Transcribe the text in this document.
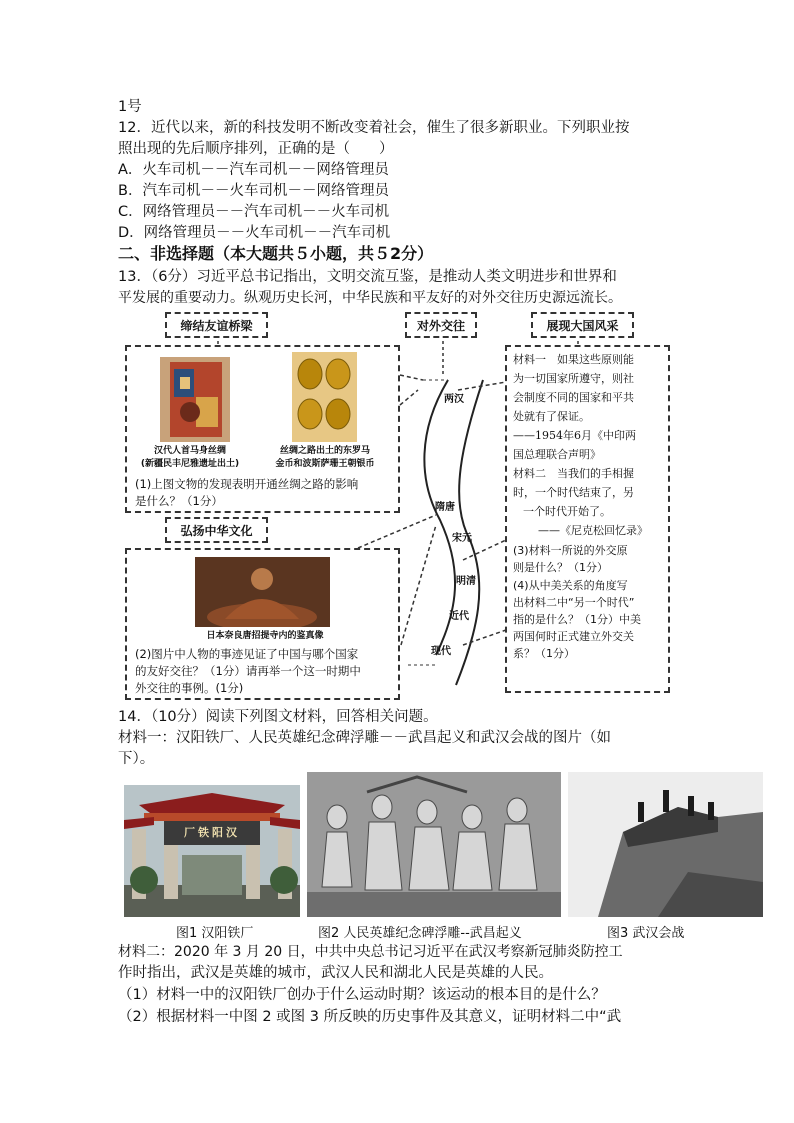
1号
12．近代以来，新的科技发明不断改变着社会，催生了很多新职业。下列职业按
照出现的先后顺序排列，正确的是（　　）
A．火车司机－－汽车司机－－网络管理员
B．汽车司机－－火车司机－－网络管理员
C．网络管理员－－汽车司机－－火车司机
D．网络管理员－－火车司机－－汽车司机
二、非选择题（本大题共５小题，共５2分）
13．（6分）习近平总书记指出，文明交流互鉴，是推动人类文明进步和世界和
平发展的重要动力。纵观历史长河，中华民族和平友好的对外交往历史源远流长。
缔结友谊桥梁	对外交往	展现大国风采
弘扬中华文化
汉代人首马身丝绸
(新疆民丰尼雅遗址出土)
丝绸之路出土的东罗马
金币和波斯萨珊王朝银币
(1)上图文物的发现表明开通丝绸之路的影响
是什么？（1分）
日本奈良唐招提寺内的鉴真像
(2)图片中人物的事迹见证了中国与哪个国家
的友好交往？（1分）请再举一个这一时期中
外交往的事例。(1分)
两汉
隋唐
宋元
明清
近代
现代
材料一　如果这些原则能
为一切国家所遵守，则社
会制度不同的国家和平共
处就有了保证。
——1954年6月《中印两
国总理联合声明》
材料二　当我们的手相握
时，一个时代结束了，另
一个时代开始了。
——《尼克松回忆录》
(3)材料一所说的外交原
则是什么？（1分）
(4)从中美关系的角度写
出材料二中“另一个时代”
指的是什么？（1分）中美
两国何时正式建立外交关
系？（1分）
14．（10分）阅读下列图文材料，回答相关问题。
材料一：汉阳铁厂、人民英雄纪念碑浮雕－－武昌起义和武汉会战的图片（如
下）。
厂铁阳汉
图1 汉阳铁厂	图2 人民英雄纪念碑浮雕--武昌起义	图3 武汉会战
材料二：2020 年 3 月 20 日，中共中央总书记习近平在武汉考察新冠肺炎防控工
作时指出，武汉是英雄的城市，武汉人民和湖北人民是英雄的人民。
（1）材料一中的汉阳铁厂创办于什么运动时期？该运动的根本目的是什么？
（2）根据材料一中图 2 或图 3 所反映的历史事件及其意义，证明材料二中“武
